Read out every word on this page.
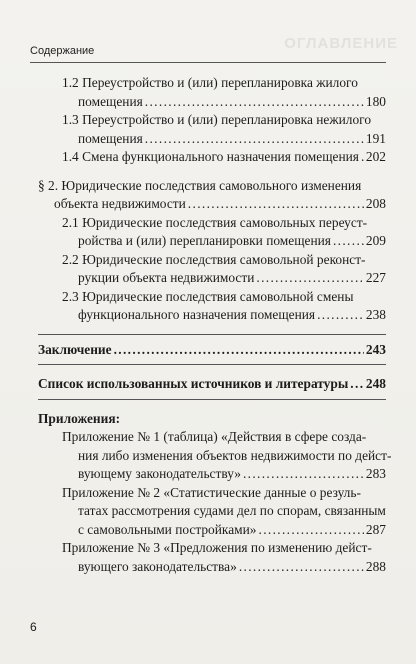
ОГЛАВЛЕНИЕ
Содержание
1.2 Переустройство и (или) перепланировка жилого
помещения . . .	180
1.3 Переустройство и (или) перепланировка нежилого
помещения . . .	191
1.4 Смена функционального назначения помещения . . . 202
§ 2. Юридические последствия самовольного изменения
объекта недвижимости . . .	208
2.1 Юридические последствия самовольных переуст-
ройства и (или) перепланировки помещения . . .	209
2.2 Юридические последствия самовольной реконст-
рукции объекта недвижимости . . .	227
2.3 Юридические последствия самовольной смены
функционального назначения помещения . . .	238
Заключение . . .	243
Список использованных источников и литературы . . . 248
Приложения:
Приложение № 1 (таблица) «Действия в сфере созда-
ния либо изменения объектов недвижимости по дейст-
вующему законодательству» . . .	283
Приложение № 2 «Статистические данные о резуль-
татах рассмотрения судами дел по спорам, связанным
с самовольными постройками» . . .	287
Приложение № 3 «Предложения по изменению дейст-
вующего законодательства» . . .	288
6
